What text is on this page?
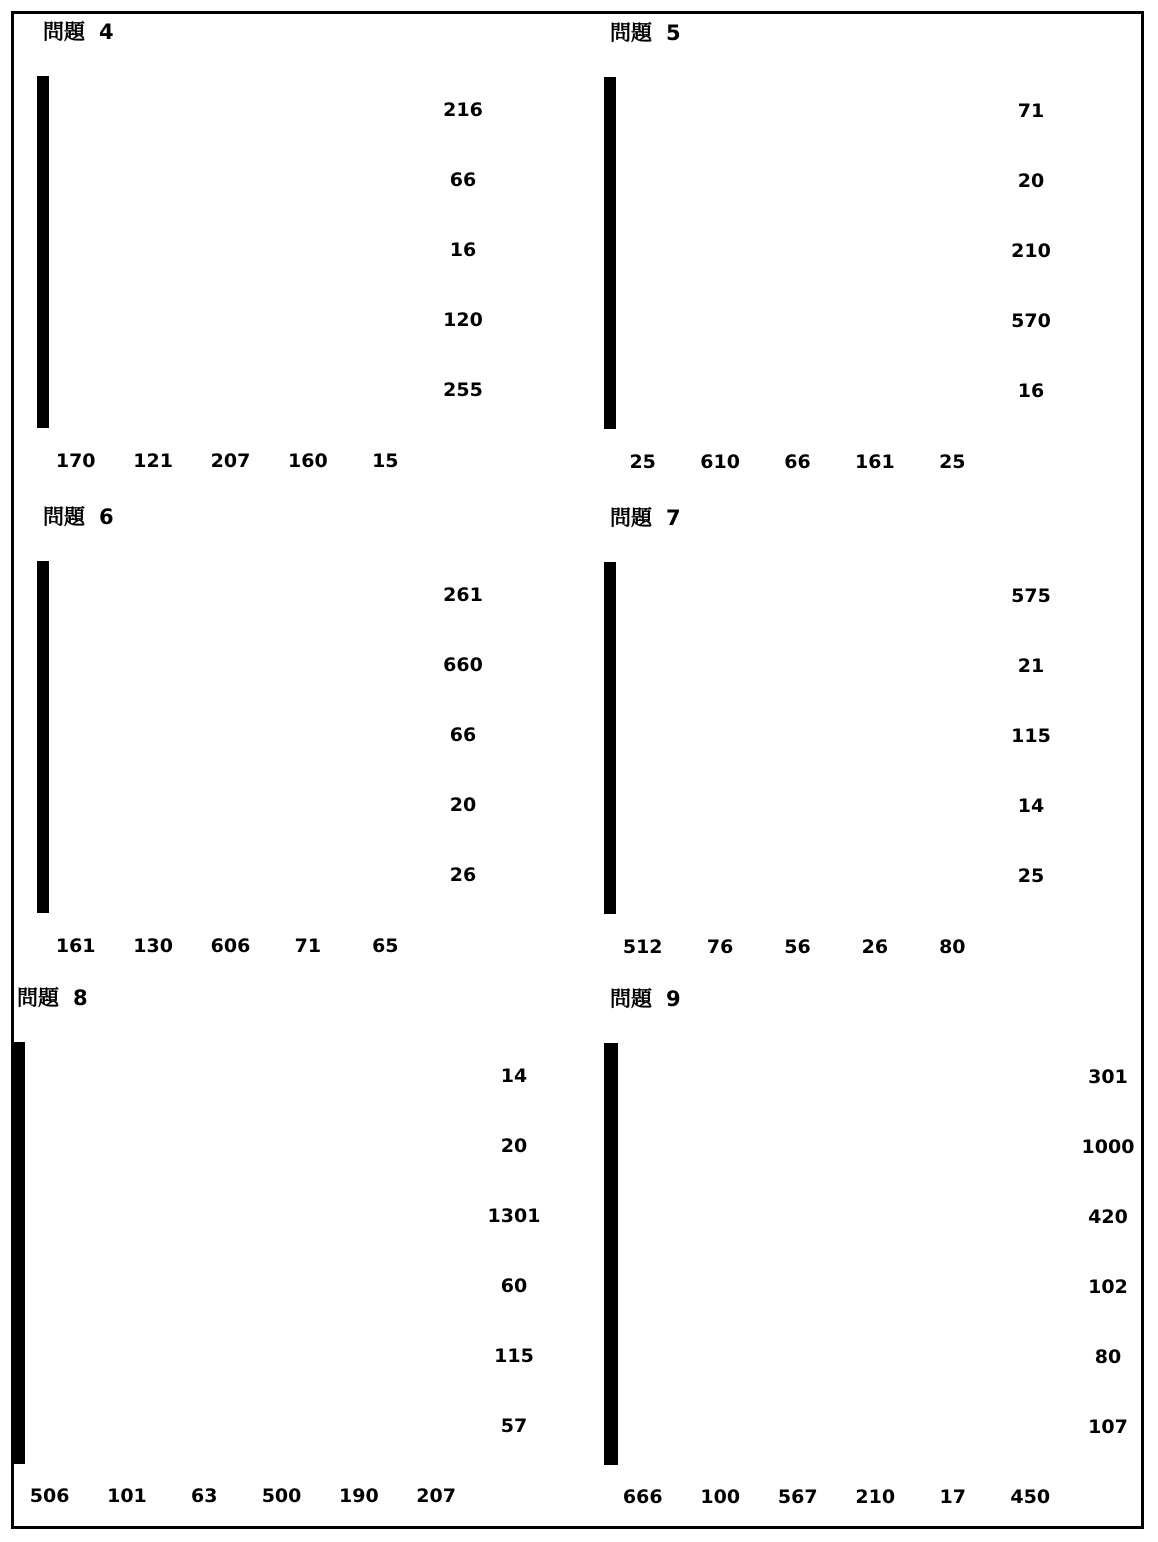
問題 4

216
66
16
120
255
170	121	207	160	15
問題 5

71
20
210
570
16
25	610	66	161	25
問題 6

261
660
66
20
26
161	130	606	71	65
問題 7

575
21
115
14
25
512	76	56	26	80
問題 8

14
20
1301
60
115
57
506	101	63	500	190	207
問題 9

301
1000
420
102
80
107
666	100	567	210	17	450
